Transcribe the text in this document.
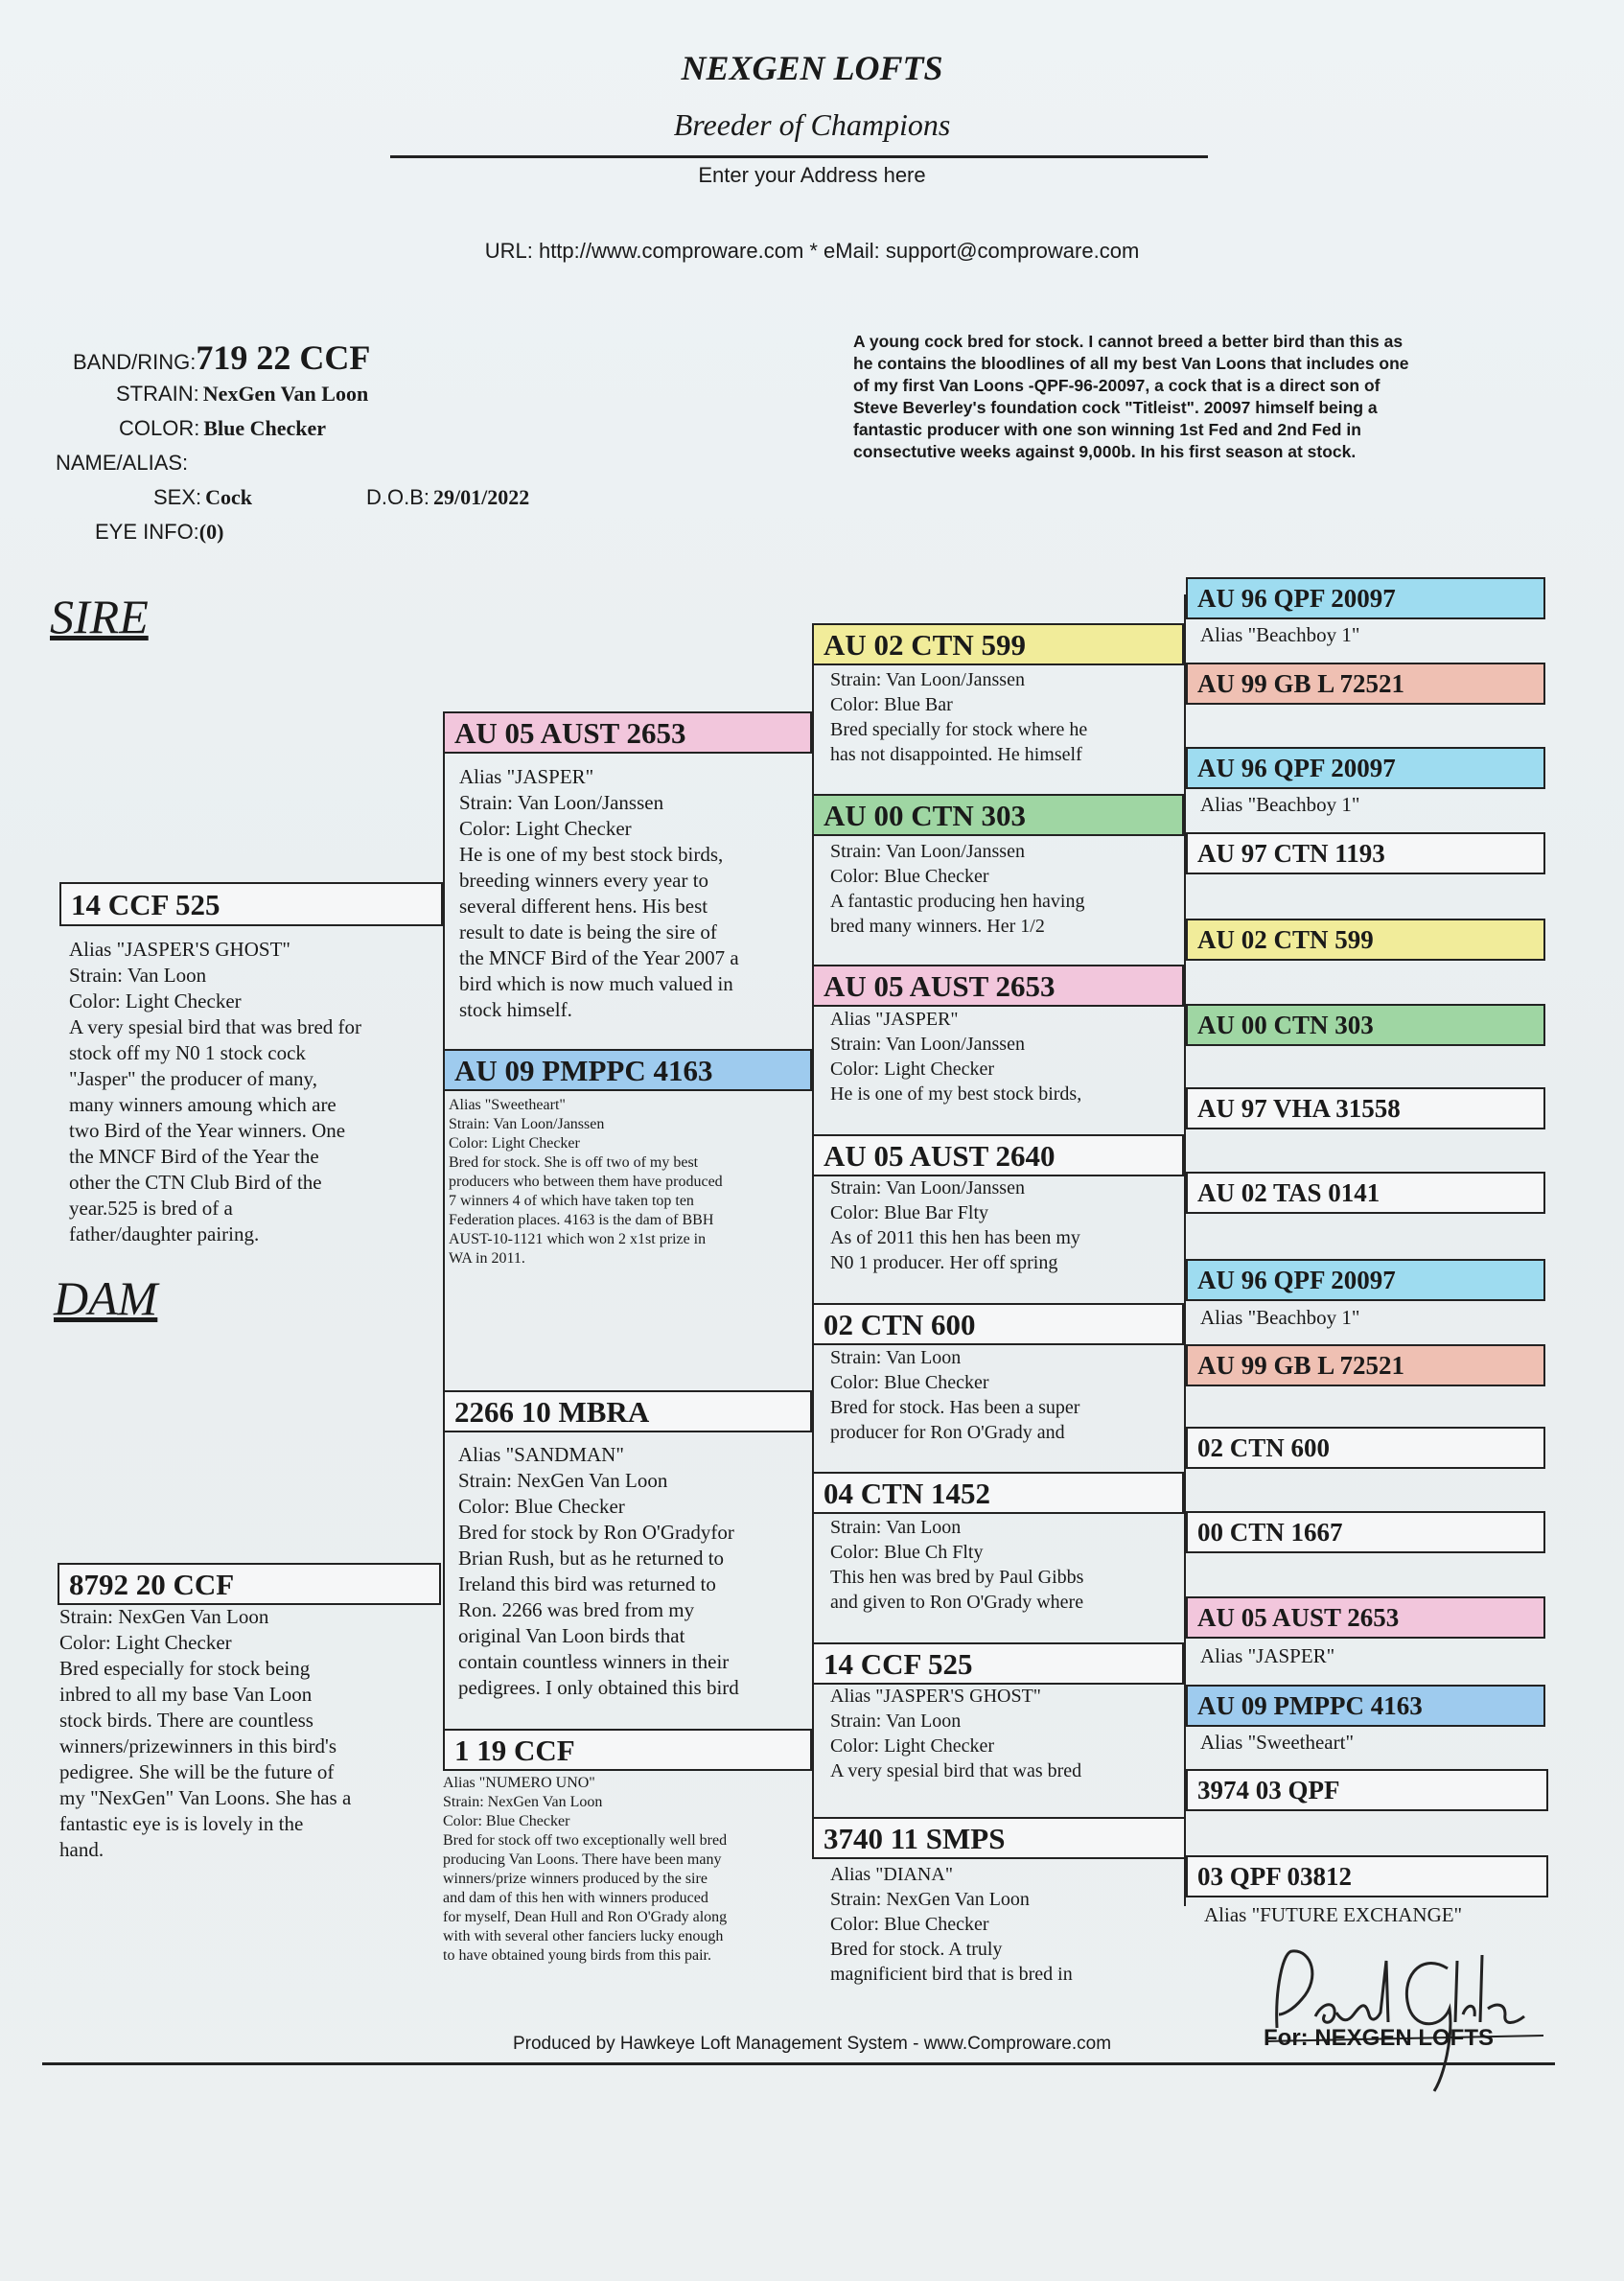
NEXGEN LOFTS
Breeder of Champions
Enter your Address here
URL: http://www.comproware.com * eMail: support@comproware.com
BAND/RING:719 22 CCF
STRAIN: NexGen Van Loon
COLOR: Blue Checker
NAME/ALIAS:
SEX: Cock	D.O.B: 29/01/2022
EYE INFO:(0)
A young cock bred for stock. I cannot breed a better bird than this as
he contains the bloodlines of all my best Van Loons that includes one
of my first Van Loons -QPF-96-20097, a cock that is a direct son of
Steve Beverley's foundation cock "Titleist". 20097 himself being a
fantastic producer with one son winning 1st Fed and 2nd Fed in
consectutive weeks against 9,000b. In his first season at stock.
SIRE
DAM
14 CCF 525
Alias "JASPER'S GHOST"
Strain: Van Loon
Color: Light Checker
A very spesial bird that was bred for
stock off my N0 1 stock cock
"Jasper" the producer of many,
many winners amoung which are
two Bird of the Year winners. One
the MNCF Bird of the Year the
other the CTN Club Bird of the
year.525 is bred of a
father/daughter pairing.
8792 20 CCF
Strain: NexGen Van Loon
Color: Light Checker
Bred especially for stock being
inbred to all my base Van Loon
stock birds. There are countless
winners/prizewinners in this bird's
pedigree. She will be the future of
my "NexGen" Van Loons. She has a
fantastic eye is is lovely in the
hand.
AU 05 AUST 2653
Alias "JASPER"
Strain: Van Loon/Janssen
Color: Light Checker
He is one of my best stock birds,
breeding winners every year to
several different hens. His best
result to date is being the sire of
the MNCF Bird of the Year 2007 a
bird which is now much valued in
stock himself.
AU 09 PMPPC 4163
Alias "Sweetheart"
Strain: Van Loon/Janssen
Color: Light Checker
Bred for stock. She is off two of my best
producers who between them have produced
7 winners 4 of which have taken top ten
Federation places. 4163 is the dam of BBH
AUST-10-1121 which won 2 x1st prize in
WA in 2011.
2266 10 MBRA
Alias "SANDMAN"
Strain: NexGen Van Loon
Color: Blue Checker
Bred for stock by Ron O'Gradyfor
Brian Rush, but as he returned to
Ireland this bird was returned to
Ron. 2266 was bred from my
original Van Loon birds that
contain countless winners in their
pedigrees. I only obtained this bird
1 19 CCF
Alias "NUMERO UNO"
Strain: NexGen Van Loon
Color: Blue Checker
Bred for stock off two exceptionally well bred
producing Van Loons. There have been many
winners/prize winners produced by the sire
and dam of this hen with winners produced
for myself, Dean Hull and Ron O'Grady along
with with several other fanciers lucky enough
to have obtained young birds from this pair.
AU 02 CTN 599
Strain: Van Loon/Janssen
Color: Blue Bar
Bred specially for stock where he
has not disappointed. He himself
AU 00 CTN 303
Strain: Van Loon/Janssen
Color: Blue Checker
A fantastic producing hen having
bred many winners. Her 1/2
AU 05 AUST 2653
Alias "JASPER"
Strain: Van Loon/Janssen
Color: Light Checker
He is one of my best stock birds,
AU 05 AUST 2640
Strain: Van Loon/Janssen
Color: Blue Bar Flty
As of 2011 this hen has been my
N0 1 producer. Her off spring
02 CTN 600
Strain: Van Loon
Color: Blue Checker
Bred for stock. Has been a super
producer for Ron O'Grady and
04 CTN 1452
Strain: Van Loon
Color: Blue Ch Flty
This hen was bred by Paul Gibbs
and given to Ron O'Grady where
14 CCF 525
Alias "JASPER'S GHOST"
Strain: Van Loon
Color: Light Checker
A very spesial bird that was bred
3740 11 SMPS
Alias "DIANA"
Strain: NexGen Van Loon
Color: Blue Checker
Bred for stock. A truly
magnificient bird that is bred in
AU 96 QPF 20097
Alias "Beachboy 1"
AU 99 GB L 72521
AU 96 QPF 20097
Alias "Beachboy 1"
AU 97 CTN 1193
AU 02 CTN 599
AU 00 CTN 303
AU 97 VHA 31558
AU 02 TAS 0141
AU 96 QPF 20097
Alias "Beachboy 1"
AU 99 GB L 72521
02 CTN 600
00 CTN 1667
AU 05 AUST 2653
Alias "JASPER"
AU 09 PMPPC 4163
Alias "Sweetheart"
3974 03 QPF
03 QPF 03812
Alias "FUTURE EXCHANGE"
Produced by Hawkeye Loft Management System - www.Comproware.com	For: NEXGEN LOFTS
